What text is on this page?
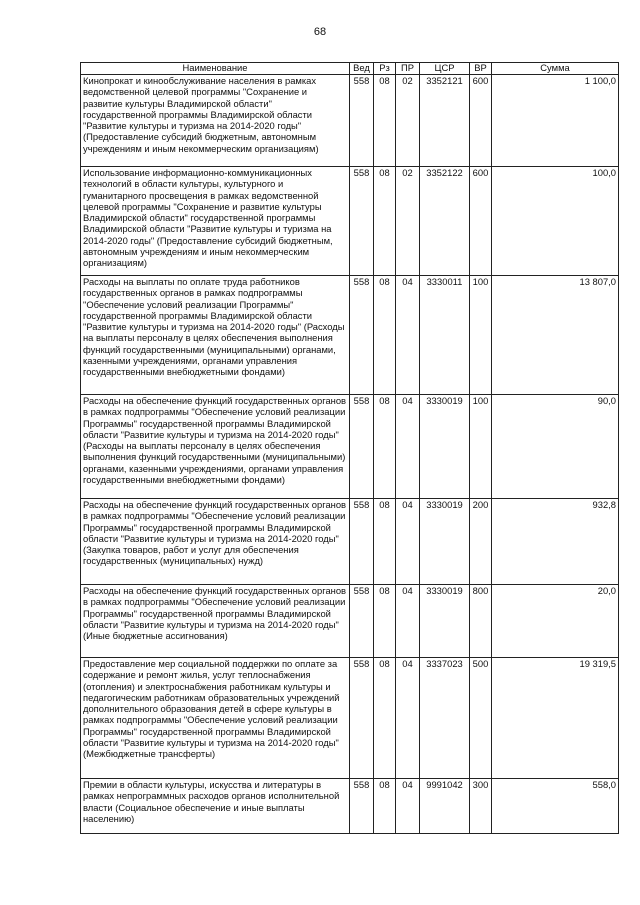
68
Наименование	Вед	Рз	ПР	ЦСР	ВР	Сумма
Кинопрокат и кинообслуживание населения в рамках ведомственной целевой программы "Сохранение и развитие культуры Владимирской области" государственной программы Владимирской области "Развитие культуры и туризма на 2014-2020 годы" (Предоставление субсидий бюджетным, автономным учреждениям и иным некоммерческим организациям)	558	08	02	3352121	600	1 100,0
Использование информационно-коммуникационных технологий в области культуры, культурного и гуманитарного просвещения в рамках ведомственной целевой программы "Сохранение и развитие культуры Владимирской области" государственной программы Владимирской области "Развитие культуры и туризма на 2014-2020 годы" (Предоставление субсидий бюджетным, автономным учреждениям и иным некоммерческим организациям)	558	08	02	3352122	600	100,0
Расходы на выплаты по оплате труда работников государственных органов в рамках подпрограммы "Обеспечение условий реализации Программы" государственной программы Владимирской области "Развитие культуры и туризма на 2014-2020 годы" (Расходы на выплаты персоналу в целях обеспечения выполнения функций государственными (муниципальными) органами, казенными учреждениями, органами управления государственными внебюджетными фондами)	558	08	04	3330011	100	13 807,0
Расходы на обеспечение функций государственных органов в рамках подпрограммы "Обеспечение условий реализации Программы" государственной программы Владимирской области "Развитие культуры и туризма на 2014-2020 годы" (Расходы на выплаты персоналу в целях обеспечения выполнения функций государственными (муниципальными) органами, казенными учреждениями, органами управления государственными внебюджетными фондами)	558	08	04	3330019	100	90,0
Расходы на обеспечение функций государственных органов в рамках подпрограммы "Обеспечение условий реализации Программы" государственной программы Владимирской области "Развитие культуры и туризма на 2014-2020 годы" (Закупка товаров, работ и услуг для обеспечения государственных (муниципальных) нужд)	558	08	04	3330019	200	932,8
Расходы на обеспечение функций государственных органов в рамках подпрограммы "Обеспечение условий реализации Программы" государственной программы Владимирской области "Развитие культуры и туризма на 2014-2020 годы" (Иные бюджетные ассигнования)	558	08	04	3330019	800	20,0
Предоставление мер социальной поддержки по оплате за содержание и ремонт жилья, услуг теплоснабжения (отопления) и электроснабжения работникам культуры и педагогическим работникам образовательных учреждений дополнительного образования детей в сфере культуры в рамках подпрограммы "Обеспечение условий реализации Программы" государственной программы Владимирской области "Развитие культуры и туризма на 2014-2020 годы" (Межбюджетные трансферты)	558	08	04	3337023	500	19 319,5
Премии в области культуры, искусства и литературы в рамках непрограммных расходов органов исполнительной власти (Социальное обеспечение и иные выплаты населению)	558	08	04	9991042	300	558,0
